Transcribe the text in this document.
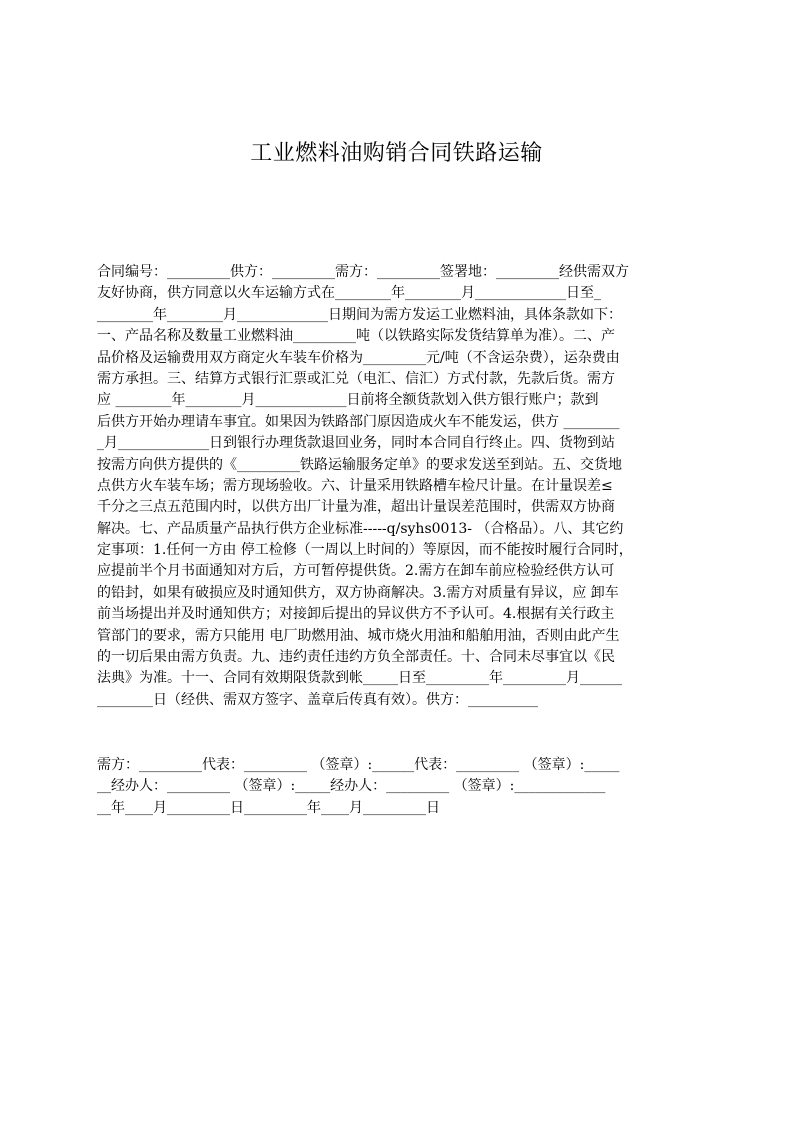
工业燃料油购销合同铁路运输
合同编号：_________供方：_________需方：_________签署地：_________经供需双方
友好协商，供方同意以火车运输方式在________年________月_____________日至_
________年________月_____________日期间为需方发运工业燃料油，具体条款如下：
一、产品名称及数量工业燃料油_________吨（以铁路实际发货结算单为准）。二、产
品价格及运输费用双方商定火车装车价格为_________元/吨（不含运杂费），运杂费由
需方承担。三、结算方式银行汇票或汇兑（电汇、信汇）方式付款，先款后货。需方
应 ________年________月_____________日前将全额货款划入供方银行账户；款到
后供方开始办理请车事宜。如果因为铁路部门原因造成火车不能发运，供方 ________
_月_____________日到银行办理货款退回业务，同时本合同自行终止。四、货物到站
按需方向供方提供的《_________铁路运输服务定单》的要求发送至到站。五、交货地
点供方火车装车场；需方现场验收。六、计量采用铁路槽车检尺计量。在计量误差≤
千分之三点五范围内时，以供方出厂计量为准，超出计量误差范围时，供需双方协商
解决。七、产品质量产品执行供方企业标准-----q/syhs0013- （合格品）。八、其它约
定事项：1.任何一方由 停工检修（一周以上时间的）等原因，而不能按时履行合同时，
应提前半个月书面通知对方后，方可暂停提供货。2.需方在卸车前应检验经供方认可
的铅封，如果有破损应及时通知供方，双方协商解决。3.需方对质量有异议，应 卸车
前当场提出并及时通知供方；对接卸后提出的异议供方不予认可。4.根据有关行政主
管部门的要求，需方只能用 电厂助燃用油、城市烧火用油和船舶用油，否则由此产生
的一切后果由需方负责。九、违约责任违约方负全部责任。十、合同未尽事宜以《民
法典》为准。十一、合同有效期限货款到帐_____日至_________年_________月______
________日（经供、需双方签字、盖章后传真有效）。供方：__________
需方：_________代表：_________ （签章）:______代表：_________ （签章）:_____
__经办人：_________ （签章）:_____经办人：_________ （签章）:_____________
__年____月_________日_________年____月_________日
